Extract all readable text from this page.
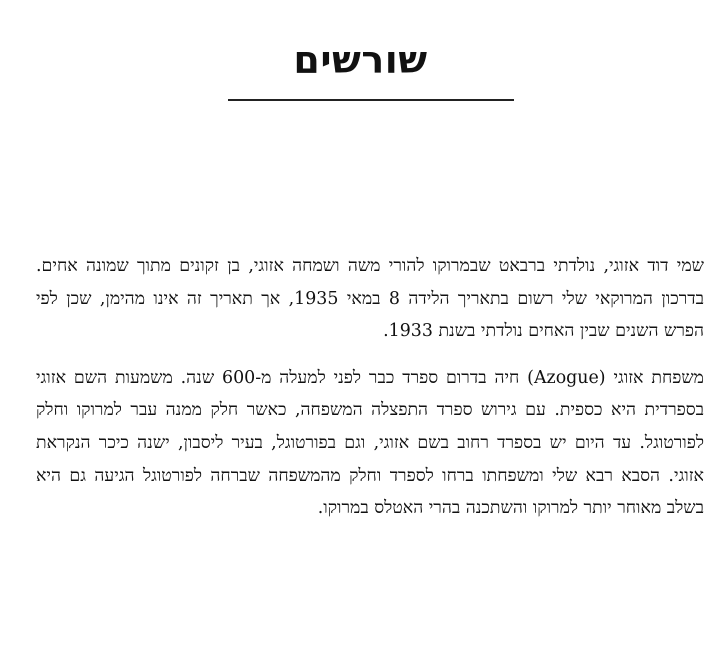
שורשים

שמי דוד אזוגי, נולדתי ברבאט שבמרוקו להורי משה ושמחה אזוגי, בן זקונים מתוך שמונה אחים. בדרכון המרוקאי שלי רשום בתאריך הלידה 8 במאי 1935, אך תאריך זה אינו מהימן, שכן לפי הפרש השנים שבין האחים נולדתי בשנת 1933.

משפחת אזוגי (Azogue) חיה בדרום ספרד כבר לפני למעלה מ-600 שנה. משמעות השם אזוגי בספרדית היא כספית. עם גירוש ספרד התפצלה המשפחה, כאשר חלק ממנה עבר למרוקו וחלק לפורטוגל. עד היום יש בספרד רחוב בשם אזוגי, וגם בפורטוגל, בעיר ליסבון, ישנה כיכר הנקראת אזוגי. הסבא רבא שלי ומשפחתו ברחו לספרד וחלק מהמשפחה שברחה לפורטוגל הגיעה גם היא בשלב מאוחר יותר למרוקו והשתכנה בהרי האטלס במרוקו.
